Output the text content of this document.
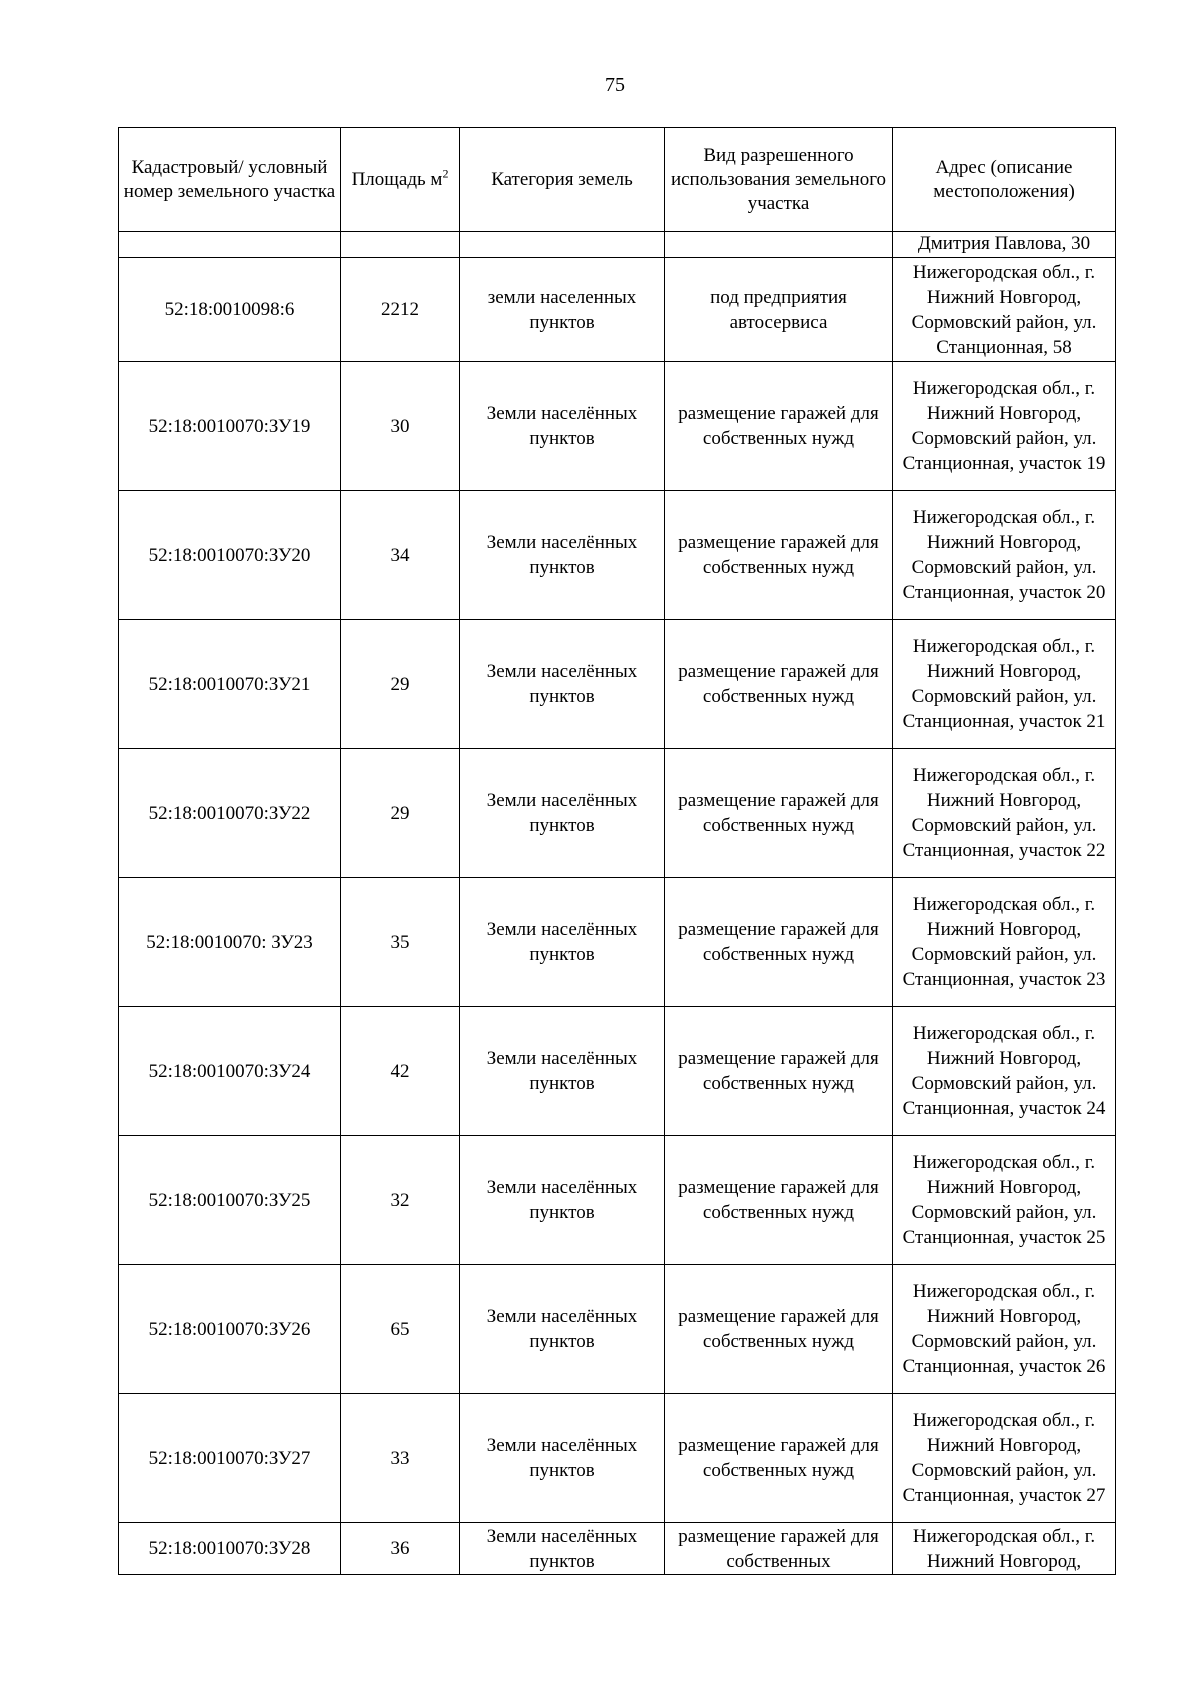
75
Кадастровый/ условный номер земельного участка	Площадь $м^2$	Категория земель	Вид разрешенного использования земельного участка	Адрес (описание местоположения)
				Дмитрия Павлова, 30
52:18:0010098:6	2212	земли населенных пунктов	под предприятия автосервиса	Нижегородская обл., г. Нижний Новгород, Сормовский район, ул. Станционная, 58
52:18:0010070:ЗУ19	30	Земли населённых пунктов	размещение гаражей для собственных нужд	Нижегородская обл., г. Нижний Новгород, Сормовский район, ул. Станционная, участок 19
52:18:0010070:ЗУ20	34	Земли населённых пунктов	размещение гаражей для собственных нужд	Нижегородская обл., г. Нижний Новгород, Сормовский район, ул. Станционная, участок 20
52:18:0010070:ЗУ21	29	Земли населённых пунктов	размещение гаражей для собственных нужд	Нижегородская обл., г. Нижний Новгород, Сормовский район, ул. Станционная, участок 21
52:18:0010070:ЗУ22	29	Земли населённых пунктов	размещение гаражей для собственных нужд	Нижегородская обл., г. Нижний Новгород, Сормовский район, ул. Станционная, участок 22
52:18:0010070: ЗУ23	35	Земли населённых пунктов	размещение гаражей для собственных нужд	Нижегородская обл., г. Нижний Новгород, Сормовский район, ул. Станционная, участок 23
52:18:0010070:ЗУ24	42	Земли населённых пунктов	размещение гаражей для собственных нужд	Нижегородская обл., г. Нижний Новгород, Сормовский район, ул. Станционная, участок 24
52:18:0010070:ЗУ25	32	Земли населённых пунктов	размещение гаражей для собственных нужд	Нижегородская обл., г. Нижний Новгород, Сормовский район, ул. Станционная, участок 25
52:18:0010070:ЗУ26	65	Земли населённых пунктов	размещение гаражей для собственных нужд	Нижегородская обл., г. Нижний Новгород, Сормовский район, ул. Станционная, участок 26
52:18:0010070:ЗУ27	33	Земли населённых пунктов	размещение гаражей для собственных нужд	Нижегородская обл., г. Нижний Новгород, Сормовский район, ул. Станционная, участок 27
52:18:0010070:ЗУ28	36	Земли населённых пунктов	размещение гаражей для собственных	Нижегородская обл., г. Нижний Новгород,
